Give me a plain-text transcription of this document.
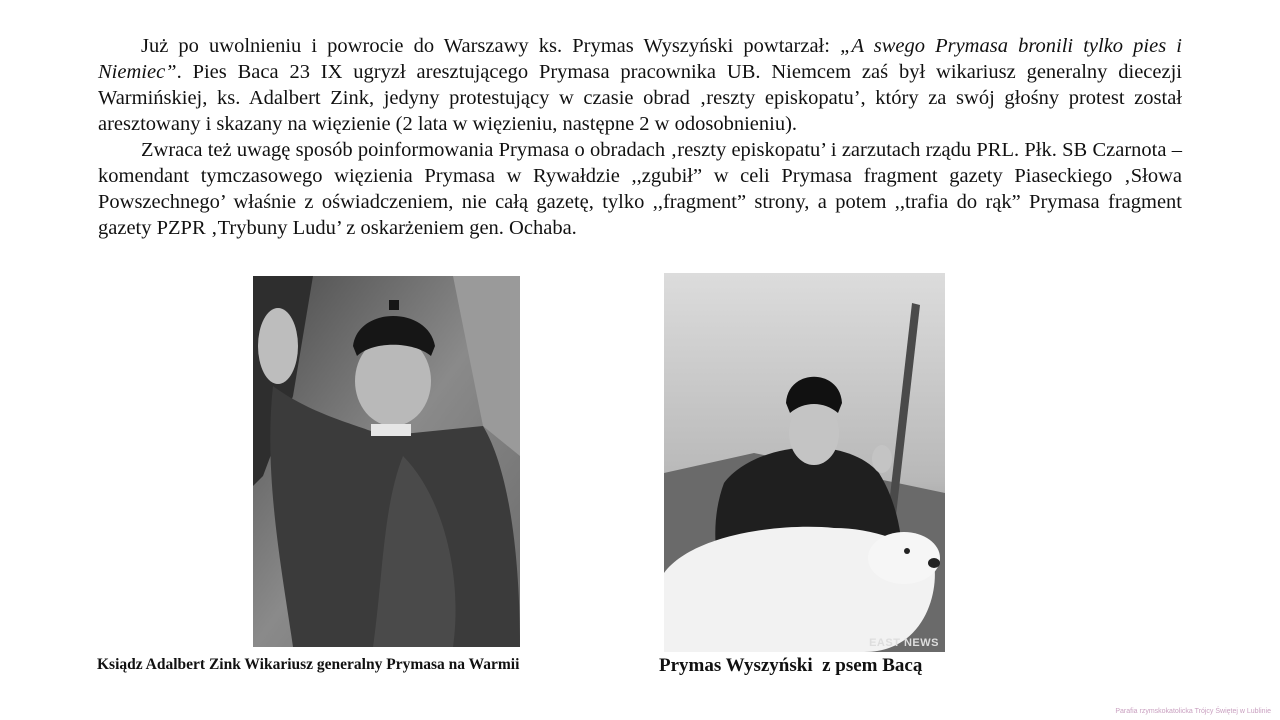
Już po uwolnieniu i powrocie do Warszawy ks. Prymas Wyszyński powtarzał: „A swego Prymasa bronili tylko pies i Niemiec”. Pies Baca 23 IX ugryzł aresztującego Prymasa pracownika UB. Niemcem zaś był wikariusz generalny diecezji Warmińskiej, ks. Adalbert Zink, jedyny protestujący w czasie obrad ‚reszty episkopatu’, który za swój głośny protest został aresztowany i skazany na więzienie (2 lata w więzieniu, następne 2 w odosobnieniu).

Zwraca też uwagę sposób poinformowania Prymasa o obradach ‚reszty episkopatu’ i zarzutach rządu PRL. Płk. SB Czarnota – komendant tymczasowego więzienia Prymasa w Rywałdzie ,,zgubił” w celi Prymasa fragment gazety Piaseckiego ‚Słowa Powszechnego’ właśnie z oświadczeniem, nie całą gazetę, tylko ,,fragment” strony, a potem ,,trafia do rąk” Prymasa fragment gazety PZPR ‚Trybuny Ludu’ z oskarżeniem gen. Ochaba.

EAST NEWS
Ksiądz Adalbert Zink Wikariusz generalny Prymasa na Warmii	Prymas Wyszyński  z psem Bacą
Parafia rzymskokatolicka Trójcy Świętej w Lublinie
